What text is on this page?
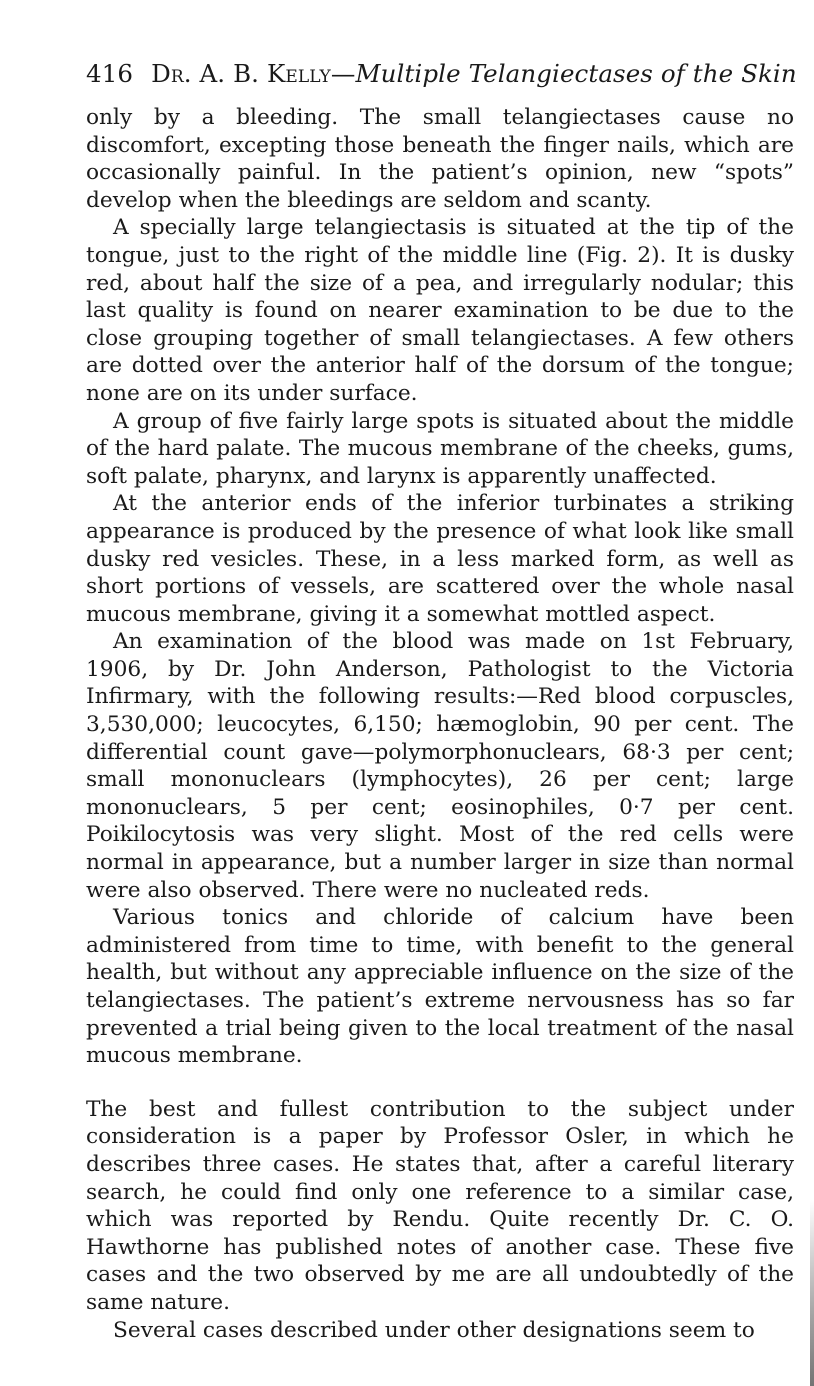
416 Dr. A. B. Kelly—Multiple Telangiectases of the Skin

only by a bleeding. The small telangiectases cause no discomfort, excepting those beneath the finger nails, which are occasionally painful. In the patient’s opinion, new “spots” develop when the bleedings are seldom and scanty.

A specially large telangiectasis is situated at the tip of the tongue, just to the right of the middle line (Fig. 2). It is dusky red, about half the size of a pea, and irregularly nodular; this last quality is found on nearer examination to be due to the close grouping together of small telangiectases. A few others are dotted over the anterior half of the dorsum of the tongue; none are on its under surface.

A group of five fairly large spots is situated about the middle of the hard palate. The mucous membrane of the cheeks, gums, soft palate, pharynx, and larynx is apparently unaffected.

At the anterior ends of the inferior turbinates a striking appearance is produced by the presence of what look like small dusky red vesicles. These, in a less marked form, as well as short portions of vessels, are scattered over the whole nasal mucous membrane, giving it a somewhat mottled aspect.

An examination of the blood was made on 1st February, 1906, by Dr. John Anderson, Pathologist to the Victoria Infirmary, with the following results:—Red blood corpuscles, 3,530,000; leucocytes, 6,150; hæmoglobin, 90 per cent. The differential count gave—polymorphonuclears, 68·3 per cent; small mononuclears (lymphocytes), 26 per cent; large mononuclears, 5 per cent; eosinophiles, 0·7 per cent. Poikilocytosis was very slight. Most of the red cells were normal in appearance, but a number larger in size than normal were also observed. There were no nucleated reds.

Various tonics and chloride of calcium have been administered from time to time, with benefit to the general health, but without any appreciable influence on the size of the telangiectases. The patient’s extreme nervousness has so far prevented a trial being given to the local treatment of the nasal mucous membrane.

The best and fullest contribution to the subject under consideration is a paper by Professor Osler, in which he describes three cases. He states that, after a careful literary search, he could find only one reference to a similar case, which was reported by Rendu. Quite recently Dr. C. O. Hawthorne has published notes of another case. These five cases and the two observed by me are all undoubtedly of the same nature.

Several cases described under other designations seem to
